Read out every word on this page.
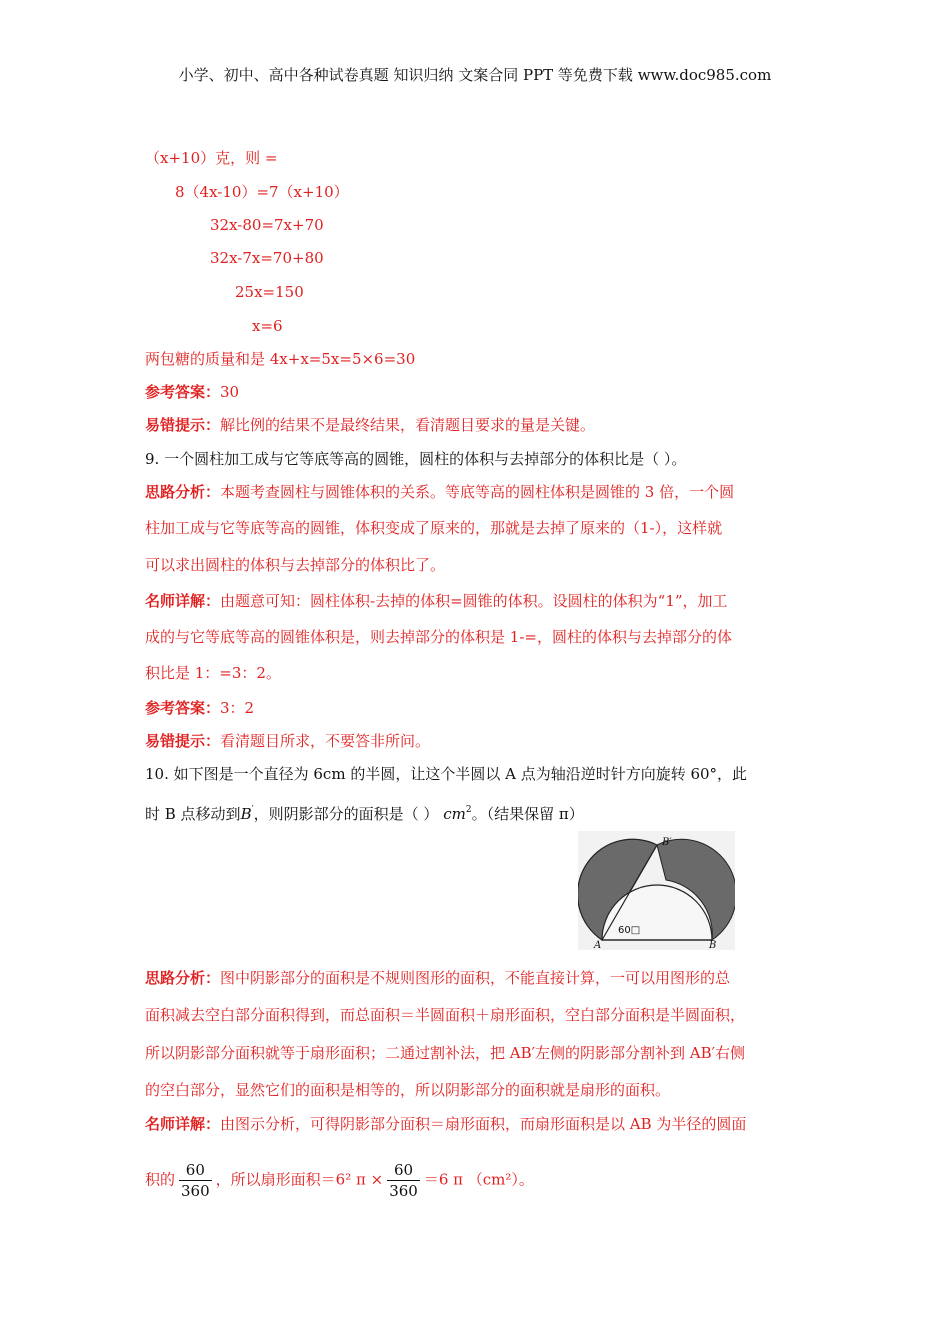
小学、初中、高中各种试卷真题 知识归纳 文案合同 PPT 等免费下载 www.doc985.com
（x+10）克，则 =
8（4x-10）=7（x+10）
32x-80=7x+70
32x-7x=70+80
25x=150
x=6
两包糖的质量和是 4x+x=5x=5×6=30
参考答案：30
易错提示：解比例的结果不是最终结果，看清题目要求的量是关键。
9. 一个圆柱加工成与它等底等高的圆锥，圆柱的体积与去掉部分的体积比是（ ）。
思路分析：本题考查圆柱与圆锥体积的关系。等底等高的圆柱体积是圆锥的 3 倍，一个圆
柱加工成与它等底等高的圆锥，体积变成了原来的，那就是去掉了原来的（1-），这样就
可以求出圆柱的体积与去掉部分的体积比了。
名师详解：由题意可知：圆柱体积-去掉的体积=圆锥的体积。设圆柱的体积为“1”，加工
成的与它等底等高的圆锥体积是，则去掉部分的体积是 1-=，圆柱的体积与去掉部分的体
积比是 1：=3：2。
参考答案：3：2
易错提示：看清题目所求，不要答非所问。
10. 如下图是一个直径为 6cm 的半圆，让这个半圆以 A 点为轴沿逆时针方向旋转 60°，此
时 B 点移动到B′，则阴影部分的面积是（ ） $cm^2$。（结果保留 π）
B′
A	B
60□
思路分析：图中阴影部分的面积是不规则图形的面积，不能直接计算，一可以用图形的总
面积减去空白部分面积得到，而总面积＝半圆面积＋扇形面积，空白部分面积是半圆面积，
所以阴影部分面积就等于扇形面积；二通过割补法，把 AB′左侧的阴影部分割补到 AB′右侧
的空白部分，显然它们的面积是相等的，所以阴影部分的面积就是扇形的面积。
名师详解：由图示分析，可得阴影部分面积＝扇形面积，而扇形面积是以 AB 为半径的圆面
积的 $\frac{60}{360}$ ，所以扇形面积＝6² $\pi \times \frac{60}{360} =6$ π （cm²）。
